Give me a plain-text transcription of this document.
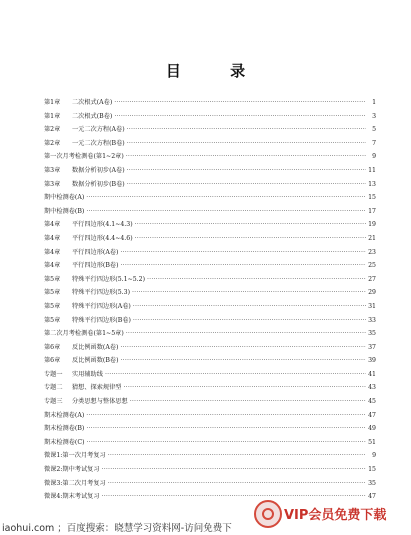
目 录
第1章	二次根式(A卷) ·····	1
第1章	二次根式(B卷) ·····	3
第2章	一元二次方程(A卷) ·····	5
第2章	一元二次方程(B卷) ·····	7
第一次月考检测卷(第1~2章) ·····	9
第3章	数据分析初步(A卷) ·····	11
第3章	数据分析初步(B卷) ·····	13
期中检测卷(A) ·····	15
期中检测卷(B) ·····	17
第4章	平行四边形(4.1~4.3) ·····	19
第4章	平行四边形(4.4~4.6) ·····	21
第4章	平行四边形(A卷) ·····	23
第4章	平行四边形(B卷) ·····	25
第5章	特殊平行四边形(5.1~5.2) ·····	27
第5章	特殊平行四边形(5.3) ·····	29
第5章	特殊平行四边形(A卷) ·····	31
第5章	特殊平行四边形(B卷) ·····	33
第二次月考检测卷(第1~5章) ·····	35
第6章	反比例函数(A卷) ·····	37
第6章	反比例函数(B卷) ·····	39
专题一	实用辅助线 ·····	41
专题二	猜想、探索规律型 ·····	43
专题三	分类思想与整体思想 ·····	45
期末检测卷(A) ·····	47
期末检测卷(B) ·····	49
期末检测卷(C) ·····	51
微课1:第一次月考复习 ·····	9
微课2:期中考试复习 ·····	15
微课3:第二次月考复习 ·····	35
微课4:期末考试复习 ·····	47
iaohui.com ；百度搜索：晓慧学习资料网-访问免费下
VIP会员免费下载
